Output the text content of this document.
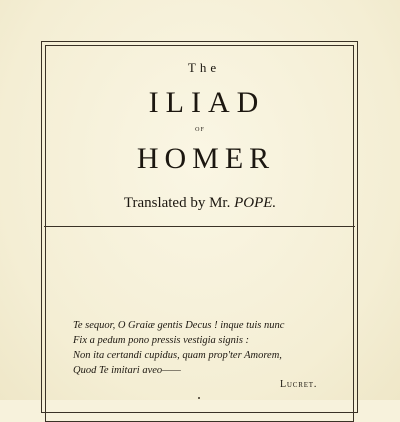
The
ILIAD
OF
HOMER
Translated by Mr. POPE.
Te sequor, O Graiæ gentis Decus ! inque tuis nunc
Fix a pedum pono pressis vestigia signis :
Non ita certandi cupidus, quam prop'ter Amorem,
Quod Te imitari aveo——
Lucret.
